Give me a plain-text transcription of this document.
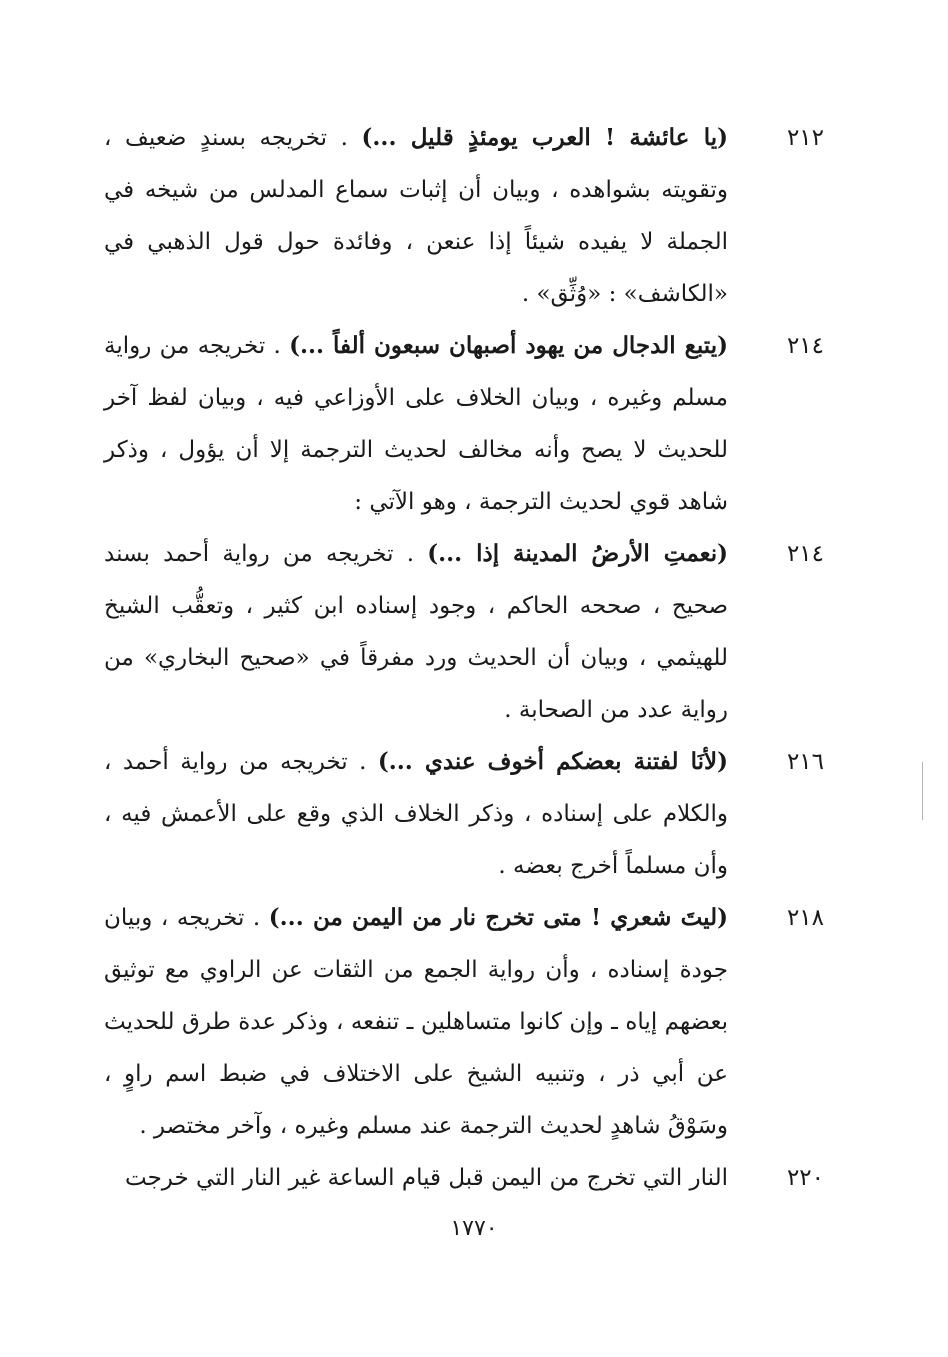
٢١٢
(يا عائشة ! العرب يومئذٍ قليل ...) . تخريجه بسندٍ ضعيف ، وتقويته بشواهده ، وبيان أن إثبات سماع المدلس من شيخه في الجملة لا يفيده شيئاً إذا عنعن ، وفائدة حول قول الذهبي في «الكاشف» : «وُثِّق» .

٢١٤
(يتبع الدجال من يهود أصبهان سبعون ألفاً ...) . تخريجه من رواية مسلم وغيره ، وبيان الخلاف على الأوزاعي فيه ، وبيان لفظ آخر للحديث لا يصح وأنه مخالف لحديث الترجمة إلا أن يؤول ، وذكر شاهد قوي لحديث الترجمة ، وهو الآتي :

٢١٤
(نعمتِ الأرضُ المدينة إذا ...) . تخريجه من رواية أحمد بسند صحيح ، صححه الحاكم ، وجود إسناده ابن كثير ، وتعقُّب الشيخ للهيثمي ، وبيان أن الحديث ورد مفرقاً في «صحيح البخاري» من رواية عدد من الصحابة .

٢١٦
(لأنَا لفتنة بعضكم أخوف عندي ...) . تخريجه من رواية أحمد ، والكلام على إسناده ، وذكر الخلاف الذي وقع على الأعمش فيه ، وأن مسلماً أخرج بعضه .

٢١٨
(ليتَ شعري ! متى تخرج نار من اليمن من ...) . تخريجه ، وبيان جودة إسناده ، وأن رواية الجمع من الثقات عن الراوي مع توثيق بعضهم إياه ـ وإن كانوا متساهلين ـ تنفعه ، وذكر عدة طرق للحديث عن أبي ذر ، وتنبيه الشيخ على الاختلاف في ضبط اسم راوٍ ، وسَوْقُ شاهدٍ لحديث الترجمة عند مسلم وغيره ، وآخر مختصر .

٢٢٠
النار التي تخرج من اليمن قبل قيام الساعة غير النار التي خرجت

١٧٧٠
